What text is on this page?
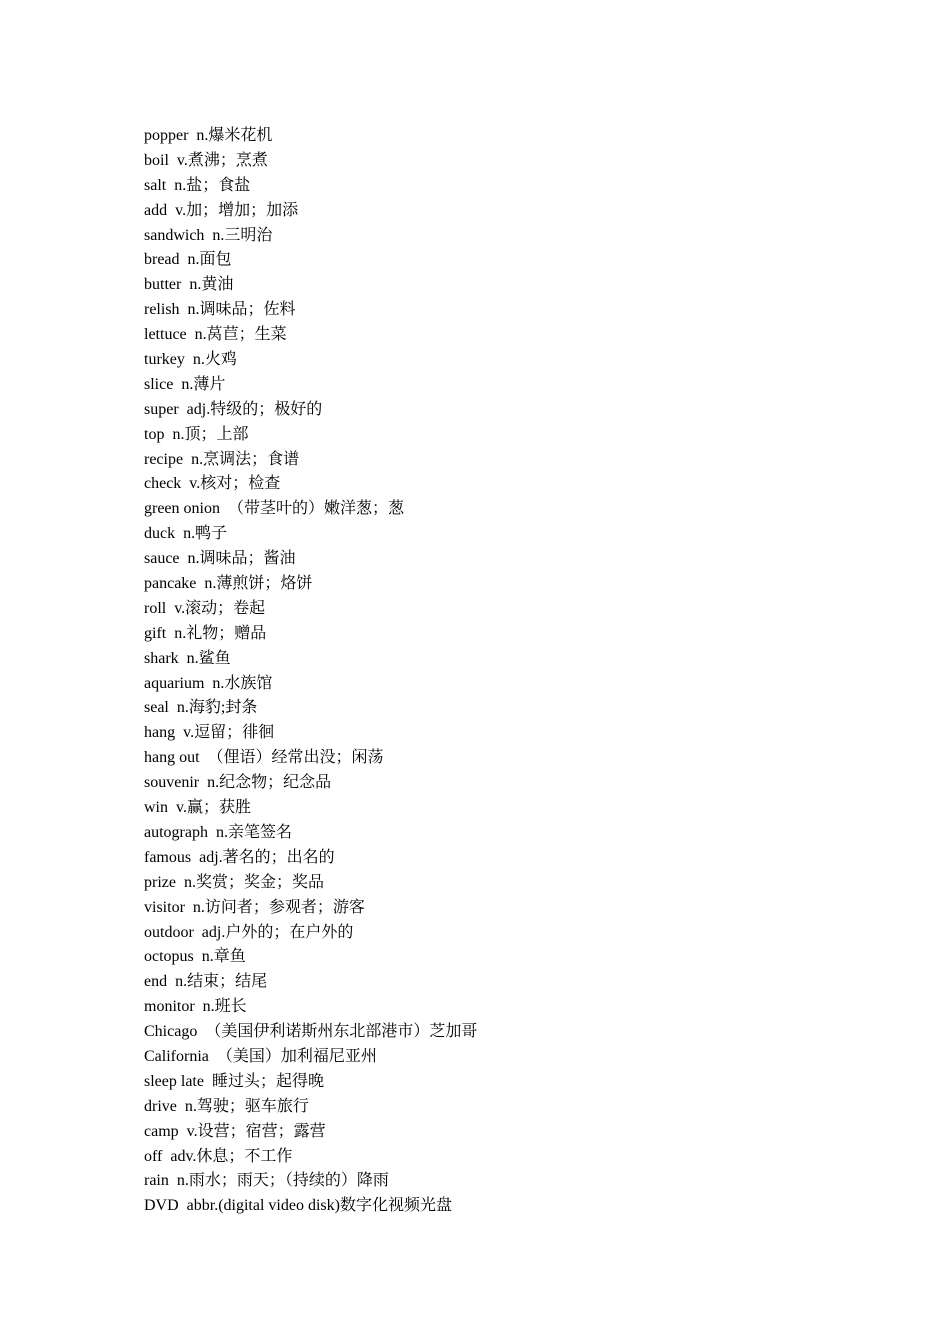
popper  n.爆米花机
boil  v.煮沸；烹煮
salt  n.盐；食盐
add  v.加；增加；加添
sandwich  n.三明治
bread  n.面包
butter  n.黄油
relish  n.调味品；佐料
lettuce  n.莴苣；生菜
turkey  n.火鸡
slice  n.薄片
super  adj.特级的；极好的
top  n.顶；上部
recipe  n.烹调法；食谱
check  v.核对；检查
green onion  （带茎叶的）嫩洋葱；葱
duck  n.鸭子
sauce  n.调味品；酱油
pancake  n.薄煎饼；烙饼
roll  v.滚动；卷起
gift  n.礼物；赠品
shark  n.鲨鱼
aquarium  n.水族馆
seal  n.海豹;封条
hang  v.逗留；徘徊
hang out  （俚语）经常出没；闲荡
souvenir  n.纪念物；纪念品
win  v.赢；获胜
autograph  n.亲笔签名
famous  adj.著名的；出名的
prize  n.奖赏；奖金；奖品
visitor  n.访问者；参观者；游客
outdoor  adj.户外的；在户外的
octopus  n.章鱼
end  n.结束；结尾
monitor  n.班长
Chicago  （美国伊利诺斯州东北部港市）芝加哥
California  （美国）加利福尼亚州
sleep late  睡过头；起得晚
drive  n.驾驶；驱车旅行
camp  v.设营；宿营；露营
off  adv.休息；不工作
rain  n.雨水；雨天；（持续的）降雨
DVD  abbr.(digital video disk)数字化视频光盘
